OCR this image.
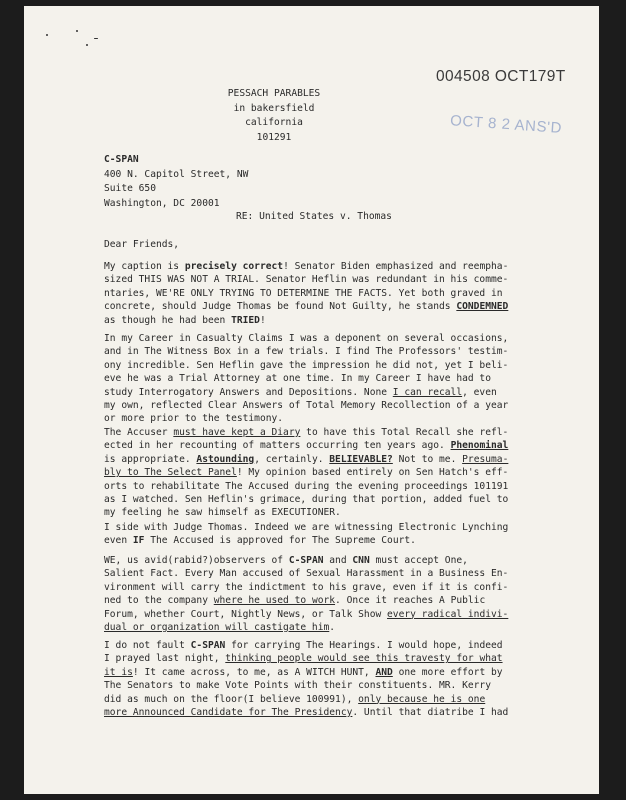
004508 OCT179T
OCT 8 2 ANS'D
PESSACH PARABLES
in bakersfield
california
101291
C-SPAN
400 N. Capitol Street, NW
Suite 650
Washington, DC 20001
RE: United States v. Thomas
Dear Friends,
My caption is precisely correct! Senator Biden emphasized and reempha-
sized THIS WAS NOT A TRIAL. Senator Heflin was redundant in his comme-
ntaries, WE'RE ONLY TRYING TO DETERMINE THE FACTS. Yet both graved in
concrete, should Judge Thomas be found Not Guilty, he stands CONDEMNED
as though he had been TRIED!
In my Career in Casualty Claims I was a deponent on several occasions,
and in The Witness Box in a few trials. I find The Professors' testim-
ony incredible. Sen Heflin gave the impression he did not, yet I beli-
eve he was a Trial Attorney at one time. In my Career I have had to
study Interrogatory Answers and Depositions. None I can recall, even
my own, reflected Clear Answers of Total Memory Recollection of a year
or more prior to the testimony.
The Accuser must have kept a Diary to have this Total Recall she refl-
ected in her recounting of matters occurring ten years ago. Phenominal
is appropriate. Astounding, certainly. BELIEVABLE? Not to me. Presuma-
bly to The Select Panel! My opinion based entirely on Sen Hatch's eff-
orts to rehabilitate The Accused during the evening proceedings 101191
as I watched. Sen Heflin's grimace, during that portion, added fuel to
my feeling he saw himself as EXECUTIONER.
I side with Judge Thomas. Indeed we are witnessing Electronic Lynching
even IF The Accused is approved for The Supreme Court.
WE, us avid(rabid?)observers of C-SPAN and CNN must accept One,
Salient Fact. Every Man accused of Sexual Harassment in a Business En-
vironment will carry the indictment to his grave, even if it is confi-
ned to the company where he used to work. Once it reaches A Public
Forum, whether Court, Nightly News, or Talk Show every radical indivi-
dual or organization will castigate him.
I do not fault C-SPAN for carrying The Hearings. I would hope, indeed
I prayed last night, thinking people would see this travesty for what
it is! It came across, to me, as A WITCH HUNT, AND one more effort by
The Senators to make Vote Points with their constituents. MR. Kerry
did as much on the floor(I believe 100991), only because he is one
more Announced Candidate for The Presidency. Until that diatribe I had
